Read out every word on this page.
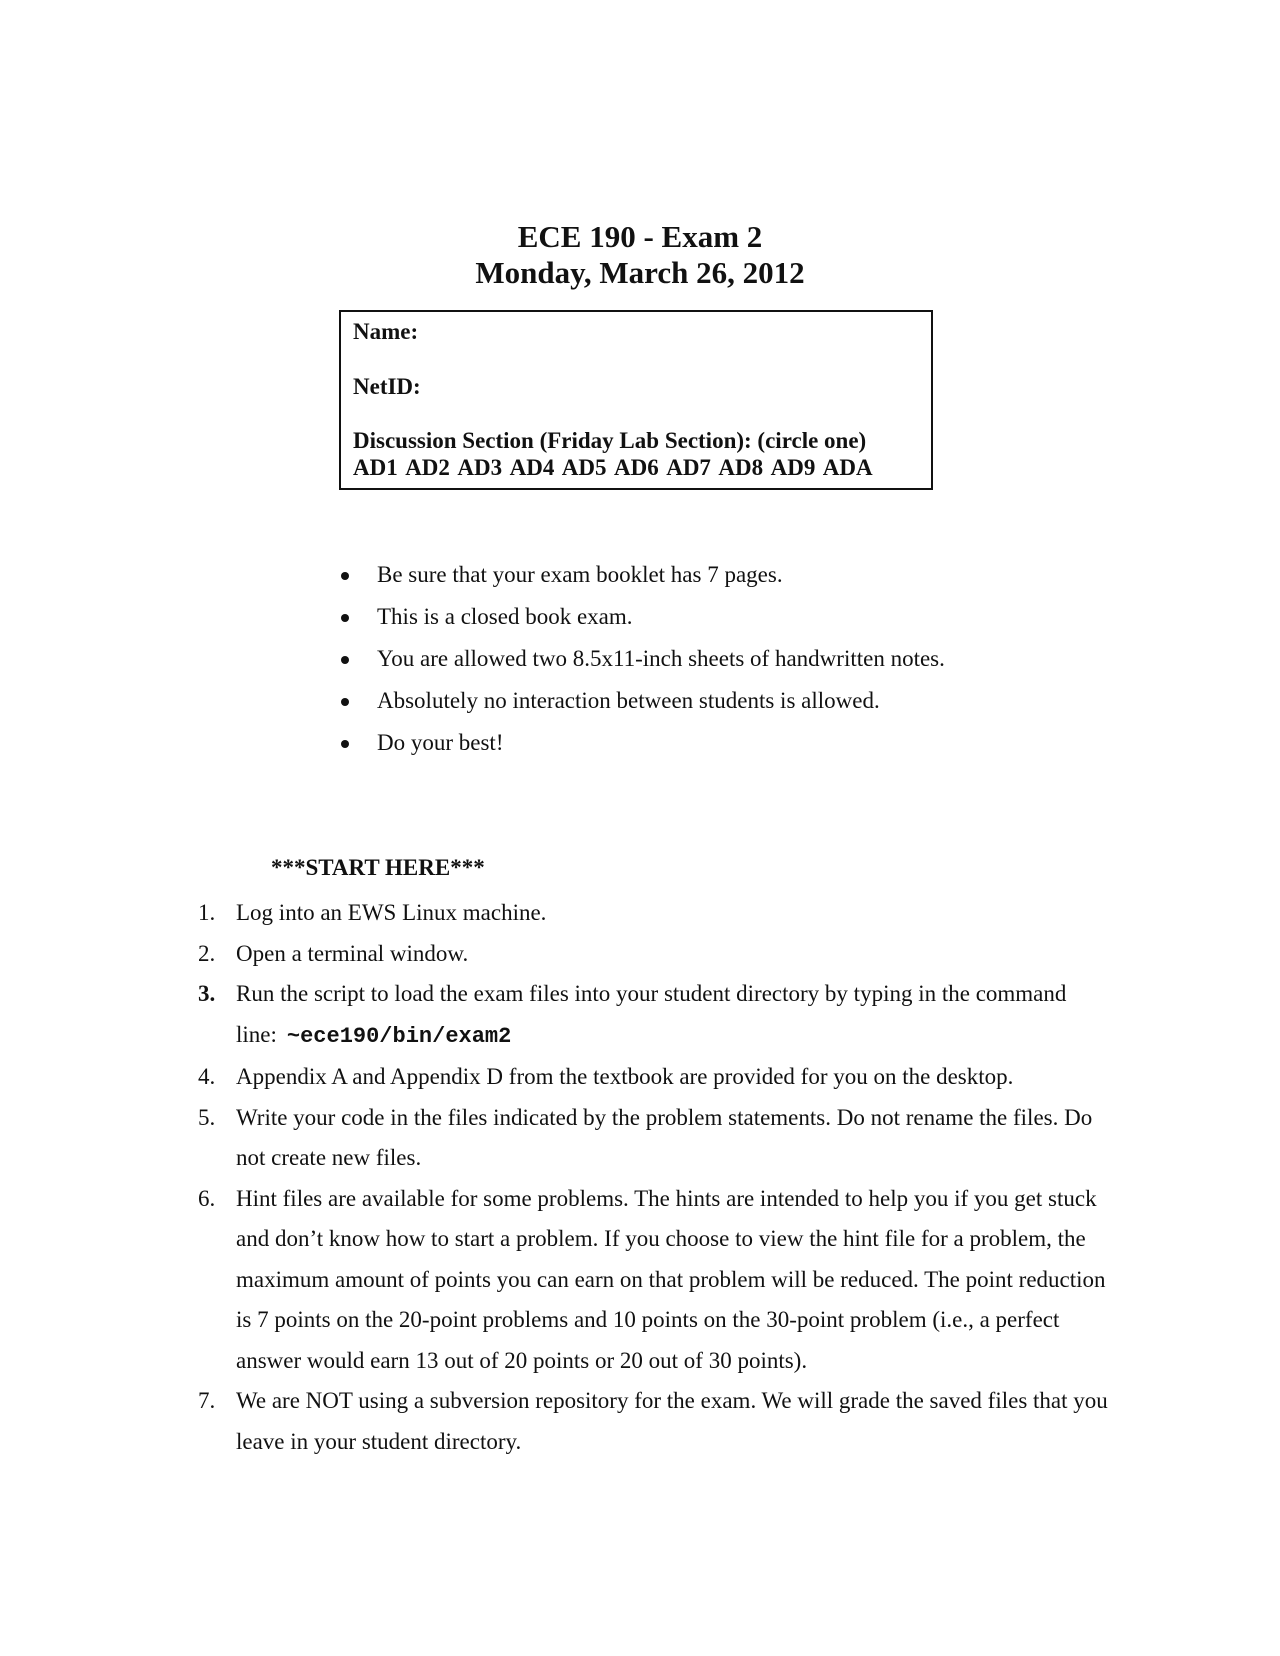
ECE 190 - Exam 2
Monday, March 26, 2012
Name:
NetID:
Discussion Section (Friday Lab Section): (circle one)
AD1 AD2 AD3 AD4 AD5 AD6 AD7 AD8 AD9 ADA
Be sure that your exam booklet has 7 pages.
This is a closed book exam.
You are allowed two 8.5x11-inch sheets of handwritten notes.
Absolutely no interaction between students is allowed.
Do your best!
***START HERE***
1. Log into an EWS Linux machine.
2. Open a terminal window.
3. Run the script to load the exam files into your student directory by typing in the command line: ~ece190/bin/exam2
4. Appendix A and Appendix D from the textbook are provided for you on the desktop.
5. Write your code in the files indicated by the problem statements. Do not rename the files. Do not create new files.
6. Hint files are available for some problems. The hints are intended to help you if you get stuck and don’t know how to start a problem. If you choose to view the hint file for a problem, the maximum amount of points you can earn on that problem will be reduced. The point reduction is 7 points on the 20-point problems and 10 points on the 30-point problem (i.e., a perfect answer would earn 13 out of 20 points or 20 out of 30 points).
7. We are NOT using a subversion repository for the exam. We will grade the saved files that you leave in your student directory.
